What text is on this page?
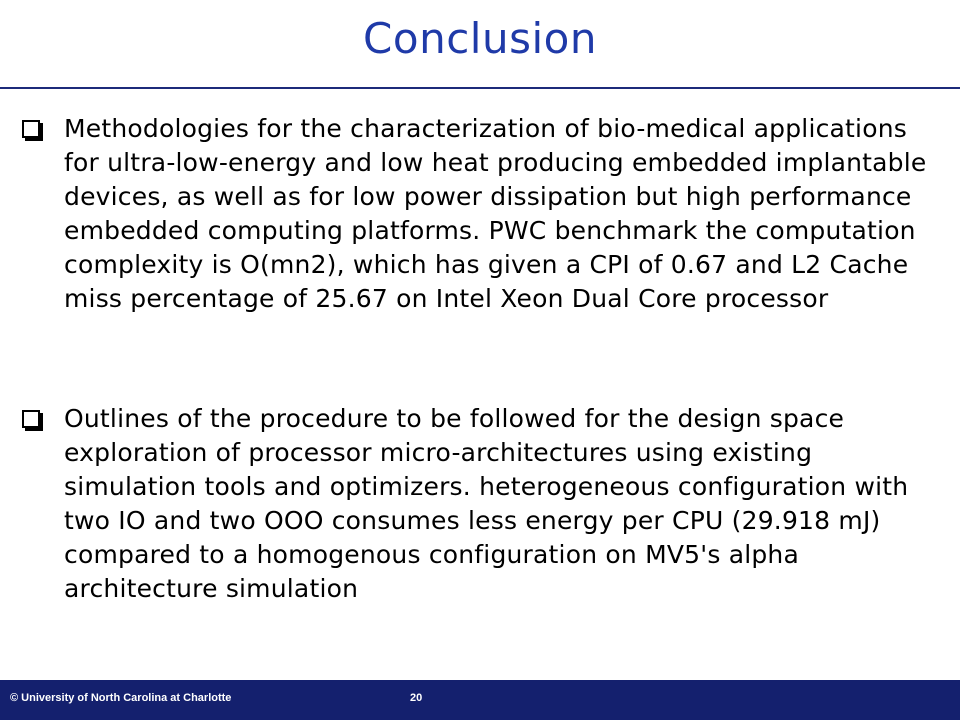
Conclusion
Methodologies for the characterization of bio-medical applications for ultra-low-energy and low heat producing embedded implantable devices, as well as for low power dissipation but high performance embedded computing platforms. PWC benchmark the computation complexity is O(mn2), which has given a CPI of 0.67 and L2 Cache miss percentage of 25.67 on Intel Xeon Dual Core processor
Outlines of the procedure to be followed for the design space exploration of processor micro-architectures using existing simulation tools and optimizers. heterogeneous configuration with two IO and two OOO consumes less energy per CPU (29.918 mJ) compared to a homogenous configuration on MV5's alpha architecture simulation
© University of North Carolina at Charlotte	20
